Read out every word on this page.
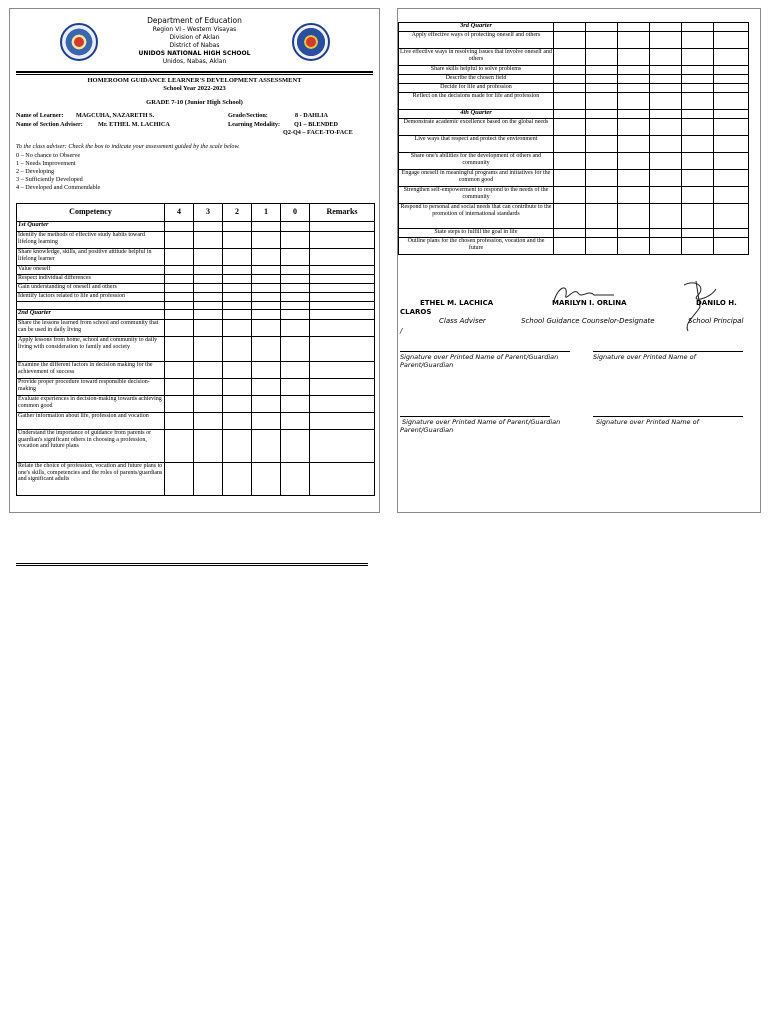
Department of Education
Region VI - Western Visayas
Division of Aklan
District of Nabas
UNIDOS NATIONAL HIGH SCHOOL
Unidos, Nabas, Aklan
HOMEROOM GUIDANCE LEARNER'S DEVELOPMENT ASSESSMENT
School Year 2022-2023
GRADE 7-10 (Junior High School)
Name of Learner: MAGCUHA, NAZARETH S.
Name of Section Adviser: Mr. ETHEL M. LACHICA
Grade/Section:	8 - DAHLIA
Learning Modality: Q1 – BLENDED
Q2-Q4 – FACE-TO-FACE
To the class adviser: Check the box to indicate your assessment guided by the scale below.
0 – No chance to Observe
1 – Needs Improvement
2 – Developing
3 – Sufficiently Developed
4 – Developed and Commendable
Competency	4	3	2	1	0	Remarks
1st Quarter						
Identify the methods of effective study habits toward lifelong learning						
Share knowledge, skills, and positive attitude helpful in lifelong learner						
Value oneself						
Respect individual differences						
Gain understanding of oneself and others						
Identify factors related to life and profession						

2nd Quarter						
Share the lessons learned from school and community that can be used in daily living						
Apply lessons from home, school and community to daily living with consideration to family and society						
Examine the different factors in decision making for the achievement of success						
Provide proper procedure toward responsible decision-making						
Evaluate experiences in decision-making towards achieving common good						
Gather information about life, profession and vocation						
Understand the importance of guidance from parents or guardian's significant others in choosing a profession, vocation and future plans						
Relate the choice of profession, vocation and future plans to one's skills, competencies and the roles of parents/guardians and significant adults						
3rd Quarter						
Apply effective ways of protecting oneself and others						
Live effective ways in resolving issues that involve oneself and others						
Share skills helpful to solve problems						
Describe the chosen field						
Decide for life and profession						
Reflect on the decisions made for life and profession						
4th Quarter						
Demonstrate academic excellence based on the global needs						
Live ways that respect and protect the environment						
Share one's abilities for the development of others and community						
Engage oneself in meaningful programs and initiatives for the common good						
Strengthen self-empowerment to respond to the needs of the community						
Respond to personal and social needs that can contribute to the promotion of international standards						
State steps to fulfill the goal in life						
Outline plans for the chosen profession, vocation and the future						
ETHEL M. LACHICA	MARILYN I. ORLINA	DANILO H.
CLAROS
Class Adviser	School Guidance Counselor-Designate	School Principal
/
Signature over Printed Name of Parent/Guardian	Signature over Printed Name of
Parent/Guardian
Signature over Printed Name of Parent/Guardian	Signature over Printed Name of
Parent/Guardian
